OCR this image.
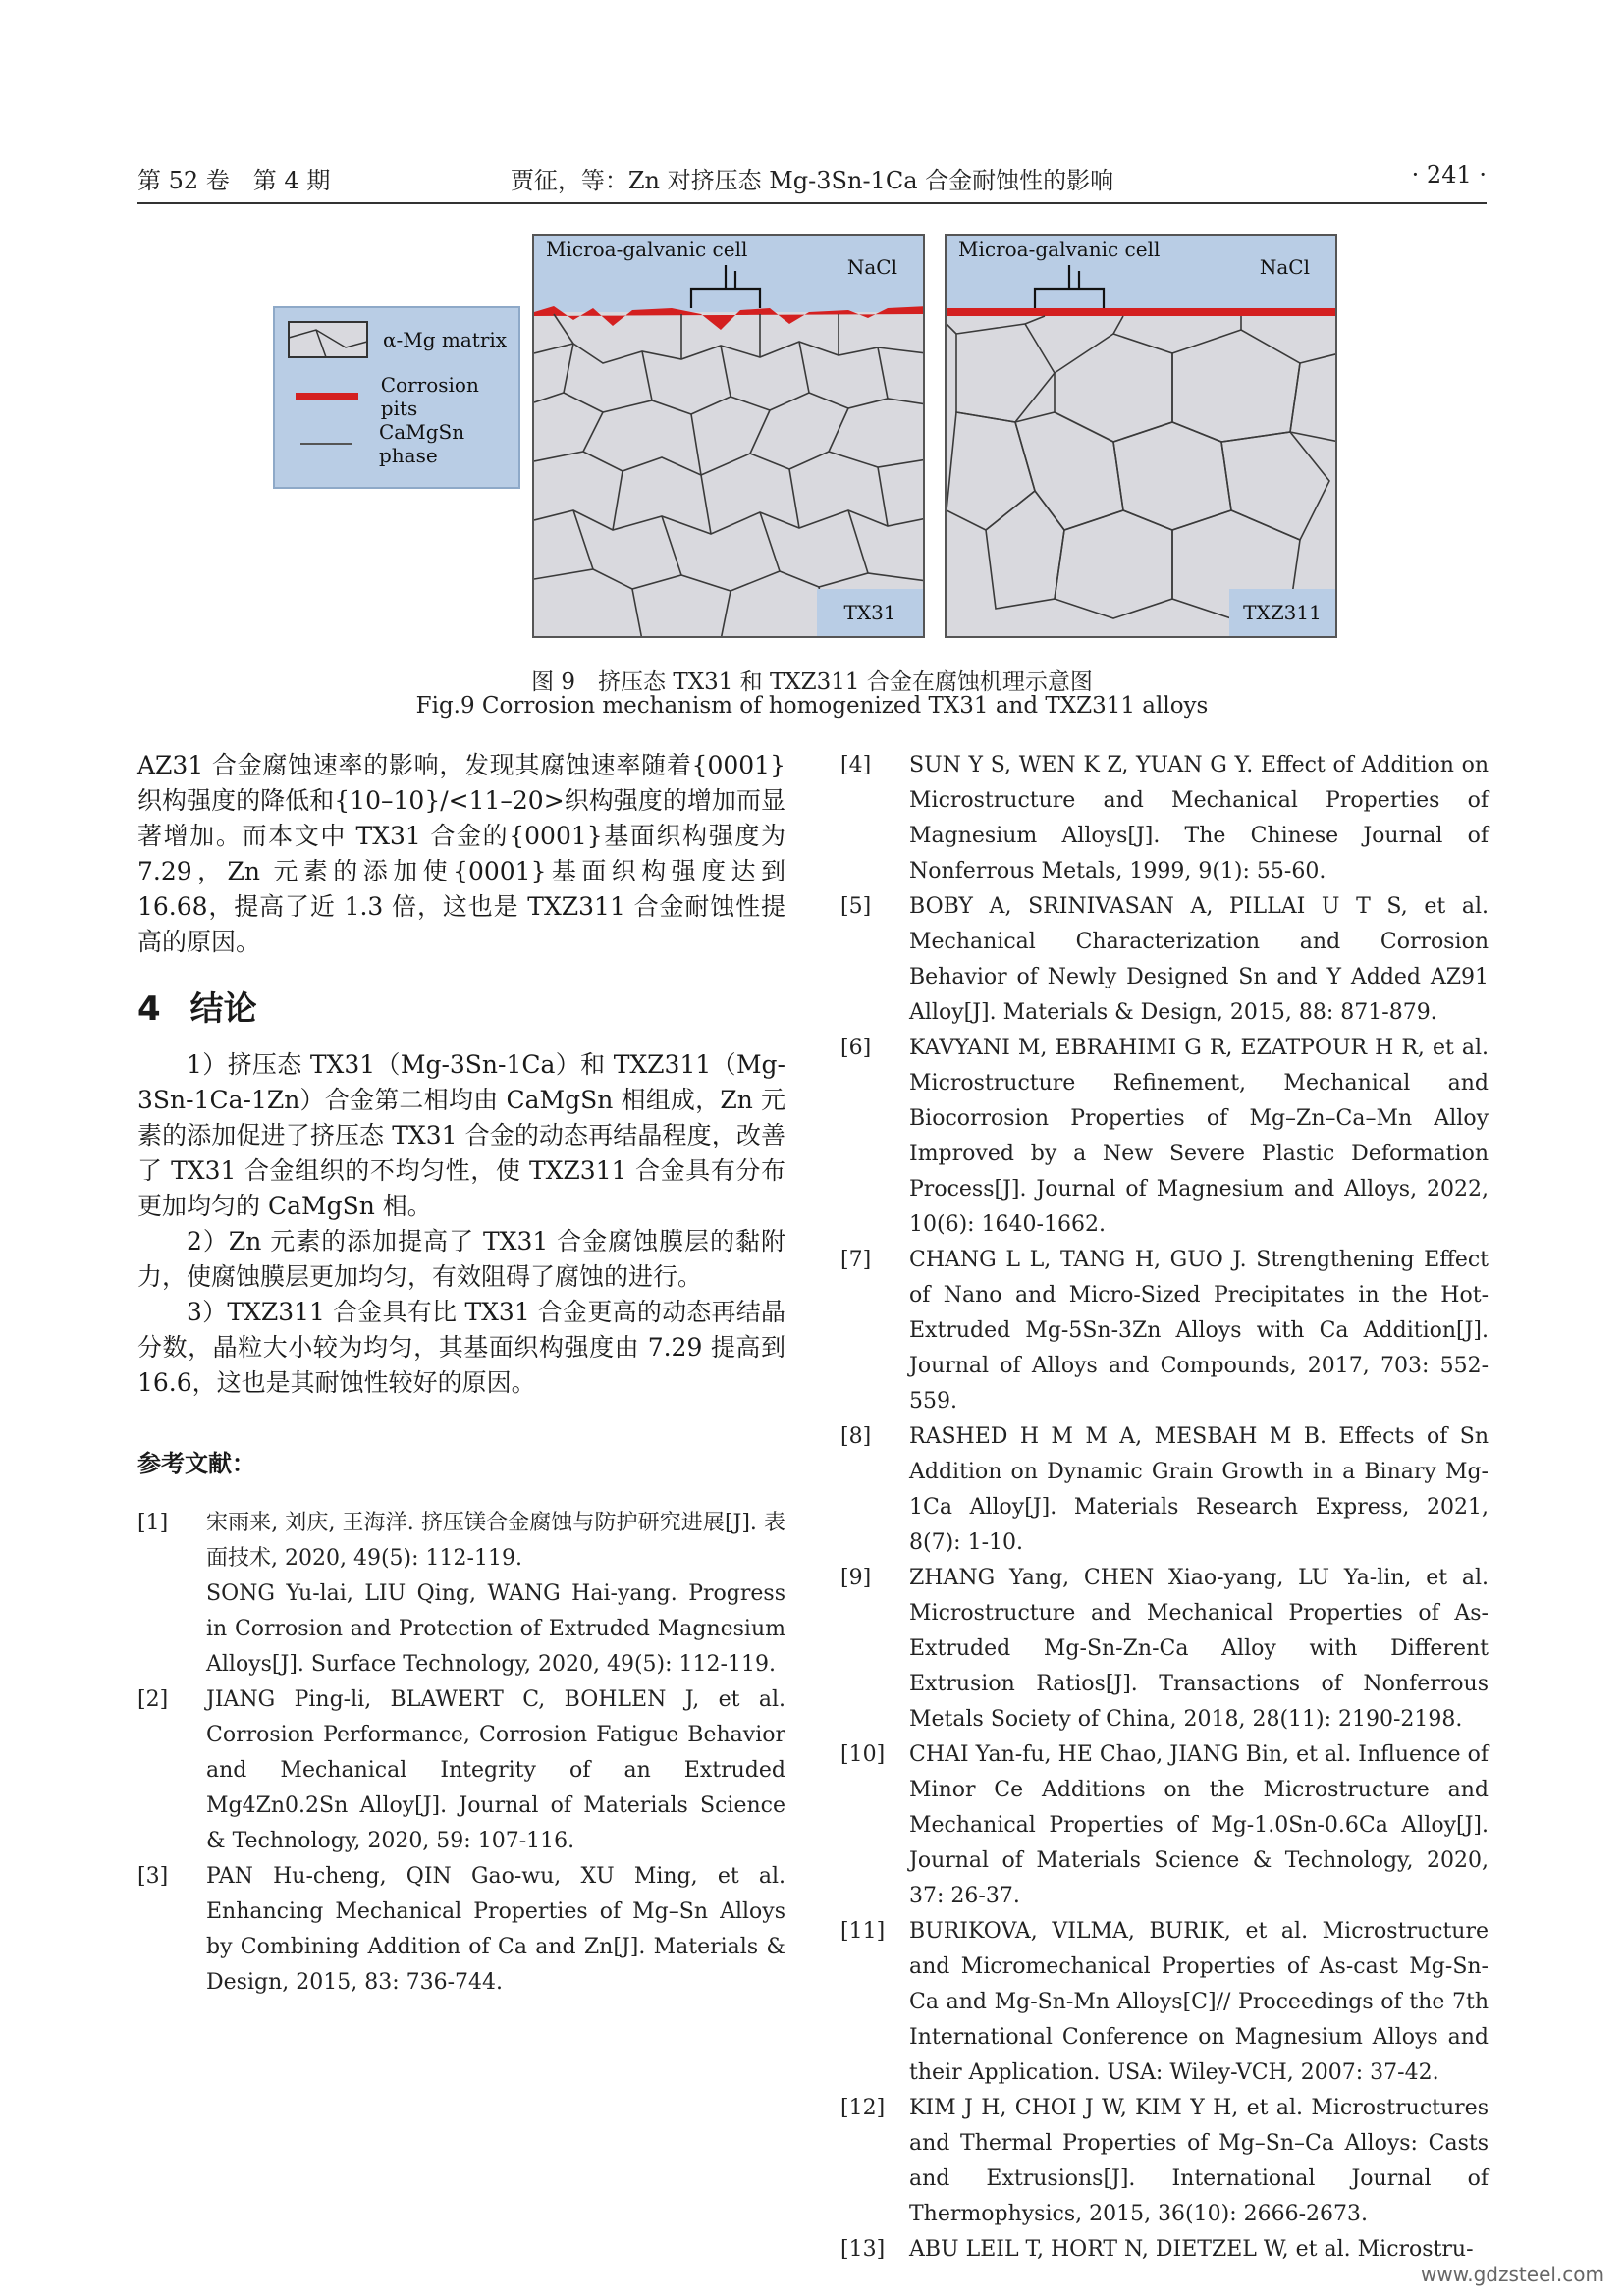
第 52 卷　第 4 期	贾征，等：Zn 对挤压态 Mg-3Sn-1Ca 合金耐蚀性的影响	· 241 ·
α-Mg matrix
Corrosion pits
CaMgSn phase
Microa-galvanic cell
NaCl
TX31
Microa-galvanic cell
NaCl
TXZ311
图 9　挤压态 TX31 和 TXZ311 合金在腐蚀机理示意图
Fig.9 Corrosion mechanism of homogenized TX31 and TXZ311 alloys

AZ31 合金腐蚀速率的影响，发现其腐蚀速率随着{0001}织构强度的降低和{10–10}/<11–20>织构强度的增加而显著增加。而本文中 TX31 合金的{0001}基面织构强度为 7.29，Zn 元素的添加使{0001}基面织构强度达到 16.68，提高了近 1.3 倍，这也是 TXZ311 合金耐蚀性提高的原因。

4 结论

1）挤压态 TX31（Mg-3Sn-1Ca）和 TXZ311（Mg-3Sn-1Ca-1Zn）合金第二相均由 CaMgSn 相组成，Zn 元素的添加促进了挤压态 TX31 合金的动态再结晶程度，改善了 TX31 合金组织的不均匀性，使 TXZ311 合金具有分布更加均匀的 CaMgSn 相。

2）Zn 元素的添加提高了 TX31 合金腐蚀膜层的黏附力，使腐蚀膜层更加均匀，有效阻碍了腐蚀的进行。

3）TXZ311 合金具有比 TX31 合金更高的动态再结晶分数，晶粒大小较为均匀，其基面织构强度由 7.29 提高到 16.6，这也是其耐蚀性较好的原因。

参考文献：
[1]	宋雨来, 刘庆, 王海洋. 挤压镁合金腐蚀与防护研究进展[J]. 表面技术, 2020, 49(5): 112-119.
SONG Yu-lai, LIU Qing, WANG Hai-yang. Progress in Corrosion and Protection of Extruded Magnesium Alloys[J]. Surface Technology, 2020, 49(5): 112-119.
[2]	JIANG Ping-li, BLAWERT C, BOHLEN J, et al. Corrosion Performance, Corrosion Fatigue Behavior and Mechanical Integrity of an Extruded Mg4Zn0.2Sn Alloy[J]. Journal of Materials Science & Technology, 2020, 59: 107-116.
[3]	PAN Hu-cheng, QIN Gao-wu, XU Ming, et al. Enhancing Mechanical Properties of Mg–Sn Alloys by Combining Addition of Ca and Zn[J]. Materials & Design, 2015, 83: 736-744.
[4]	SUN Y S, WEN K Z, YUAN G Y. Effect of Addition on Microstructure and Mechanical Properties of Magnesium Alloys[J]. The Chinese Journal of Nonferrous Metals, 1999, 9(1): 55-60.
[5]	BOBY A, SRINIVASAN A, PILLAI U T S, et al. Mechanical Characterization and Corrosion Behavior of Newly Designed Sn and Y Added AZ91 Alloy[J]. Materials & Design, 2015, 88: 871-879.
[6]	KAVYANI M, EBRAHIMI G R, EZATPOUR H R, et al. Microstructure Refinement, Mechanical and Biocorrosion Properties of Mg–Zn–Ca–Mn Alloy Improved by a New Severe Plastic Deformation Process[J]. Journal of Magnesium and Alloys, 2022, 10(6): 1640-1662.
[7]	CHANG L L, TANG H, GUO J. Strengthening Effect of Nano and Micro-Sized Precipitates in the Hot-Extruded Mg-5Sn-3Zn Alloys with Ca Addition[J]. Journal of Alloys and Compounds, 2017, 703: 552-559.
[8]	RASHED H M M A, MESBAH M B. Effects of Sn Addition on Dynamic Grain Growth in a Binary Mg-1Ca Alloy[J]. Materials Research Express, 2021, 8(7): 1-10.
[9]	ZHANG Yang, CHEN Xiao-yang, LU Ya-lin, et al. Microstructure and Mechanical Properties of As-Extruded Mg-Sn-Zn-Ca Alloy with Different Extrusion Ratios[J]. Transactions of Nonferrous Metals Society of China, 2018, 28(11): 2190-2198.
[10]	CHAI Yan-fu, HE Chao, JIANG Bin, et al. Influence of Minor Ce Additions on the Microstructure and Mechanical Properties of Mg-1.0Sn-0.6Ca Alloy[J]. Journal of Materials Science & Technology, 2020, 37: 26-37.
[11]	BURIKOVA, VILMA, BURIK, et al. Microstructure and Micromechanical Properties of As-cast Mg-Sn-Ca and Mg-Sn-Mn Alloys[C]// Proceedings of the 7th International Conference on Magnesium Alloys and their Application. USA: Wiley-VCH, 2007: 37-42.
[12]	KIM J H, CHOI J W, KIM Y H, et al. Microstructures and Thermal Properties of Mg–Sn–Ca Alloys: Casts and Extrusions[J]. International Journal of Thermophysics, 2015, 36(10): 2666-2673.
[13]	ABU LEIL T, HORT N, DIETZEL W, et al. Microstru-
www.gdzsteel.com
